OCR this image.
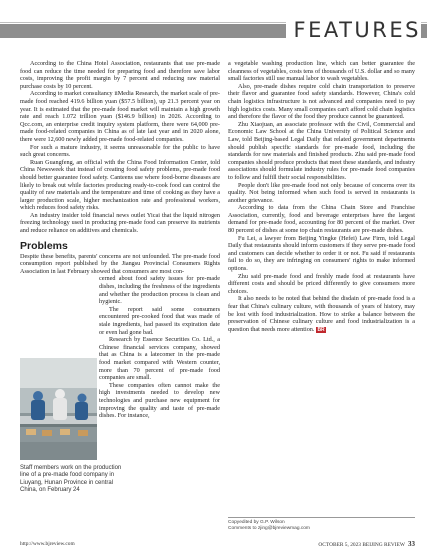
FEATURES

According to the China Hotel Association, restaurants that use pre-made food can reduce the time needed for preparing food and therefore save labor costs, improving the profit margin by 7 percent and reducing raw material purchase costs by 10 percent.

According to market consultancy iiMedia Research, the market scale of pre-made food reached 419.6 billion yuan ($57.5 billion), up 21.3 percent year on year. It is estimated that the pre-made food market will maintain a high growth rate and reach 1.072 trillion yuan ($146.9 billion) in 2026. According to Qcc.com, an enterprise credit inquiry system platform, there were 64,000 pre-made food-related companies in China as of late last year and in 2020 alone, there were 12,600 newly added pre-made food-related companies.

For such a mature industry, it seems unreasonable for the public to have such great concerns.

Ruan Guangfeng, an official with the China Food Information Center, told China Newsweek that instead of creating food safety problems, pre-made food should better guarantee food safety. Canteens use where food-borne diseases are likely to break out while factories producing ready-to-cook food can control the quality of raw materials and the temperature and time of cooking as they have a larger production scale, higher mechanization rate and professional workers, which reduces food safety risks.

An industry insider told financial news outlet Yicai that the liquid nitrogen freezing technology used in producing pre-made food can preserve its nutrients and reduce reliance on additives and chemicals.

Problems

Despite these benefits, parents' concerns are not unfounded. The pre-made food consumption report published by the Jiangsu Provincial Consumers Rights Association in last February showed that consumers are most con-

cerned about food safety issues for pre-made dishes, including the freshness of the ingredients and whether the production process is clean and hygienic.

The report said some consumers encountered pre-cooked food that was made of stale ingredients, had passed its expiration date or even had gone bad.

Research by Essence Securities Co. Ltd., a Chinese financial services company, showed that as China is a latecomer in the pre-made food market compared with Western counter, more than 70 percent of pre-made food companies are small.

These companies often cannot make the high investments needed to develop new technologies and purchase new equipment for improving the quality and taste of pre-made dishes. For instance,

Staff members work on the production line of a pre-made food company in Liuyang, Hunan Province in central China, on February 24

a vegetable washing production line, which can better guarantee the cleanness of vegetables, costs tens of thousands of U.S. dollar and so many small factories still use manual labor to wash vegetables.

Also, pre-made dishes require cold chain transportation to preserve their flavor and guarantee food safety standards. However, China's cold chain logistics infrastructure is not advanced and companies need to pay high logistics costs. Many small companies can't afford cold chain logistics and therefore the flavor of the food they produce cannot be guaranteed.

Zhu Xiaojuan, an associate professor with the Civil, Commercial and Economic Law School at the China University of Political Science and Law, told Beijing-based Legal Daily that related government departments should publish specific standards for pre-made food, including the standards for raw materials and finished products. Zhu said pre-made food companies should produce products that meet these standards, and industry associations should formulate industry rules for pre-made food companies to follow and fulfill their social responsibilities.

People don't like pre-made food not only because of concerns over its quality. Not being informed when such food is served in restaurants is another grievance.

According to data from the China Chain Store and Franchise Association, currently, food and beverage enterprises have the largest demand for pre-made food, accounting for 80 percent of the market. Over 80 percent of dishes at some top chain restaurants are pre-made dishes.

Fu Lei, a lawyer from Beijing Yingke (Hefei) Law Firm, told Legal Daily that restaurants should inform customers if they serve pre-made food and customers can decide whether to order it or not. Fu said if restaurants fail to do so, they are infringing on consumers' rights to make informed options.

Zhu said pre-made food and freshly made food at restaurants have different costs and should be priced differently to give consumers more choices.

It also needs to be noted that behind the disdain of pre-made food is a fear that China's culinary culture, with thousands of years of history, may be lost with food industrialization. How to strike a balance between the preservation of Chinese culinary culture and food industrialization is a question that needs more attention. BR

Copyedited by G.P. Wilson
Comments to zjing@bjreviewmag.com
http://www.bjreview.com	OCTOBER 5, 2023 BEIJING REVIEW 33
